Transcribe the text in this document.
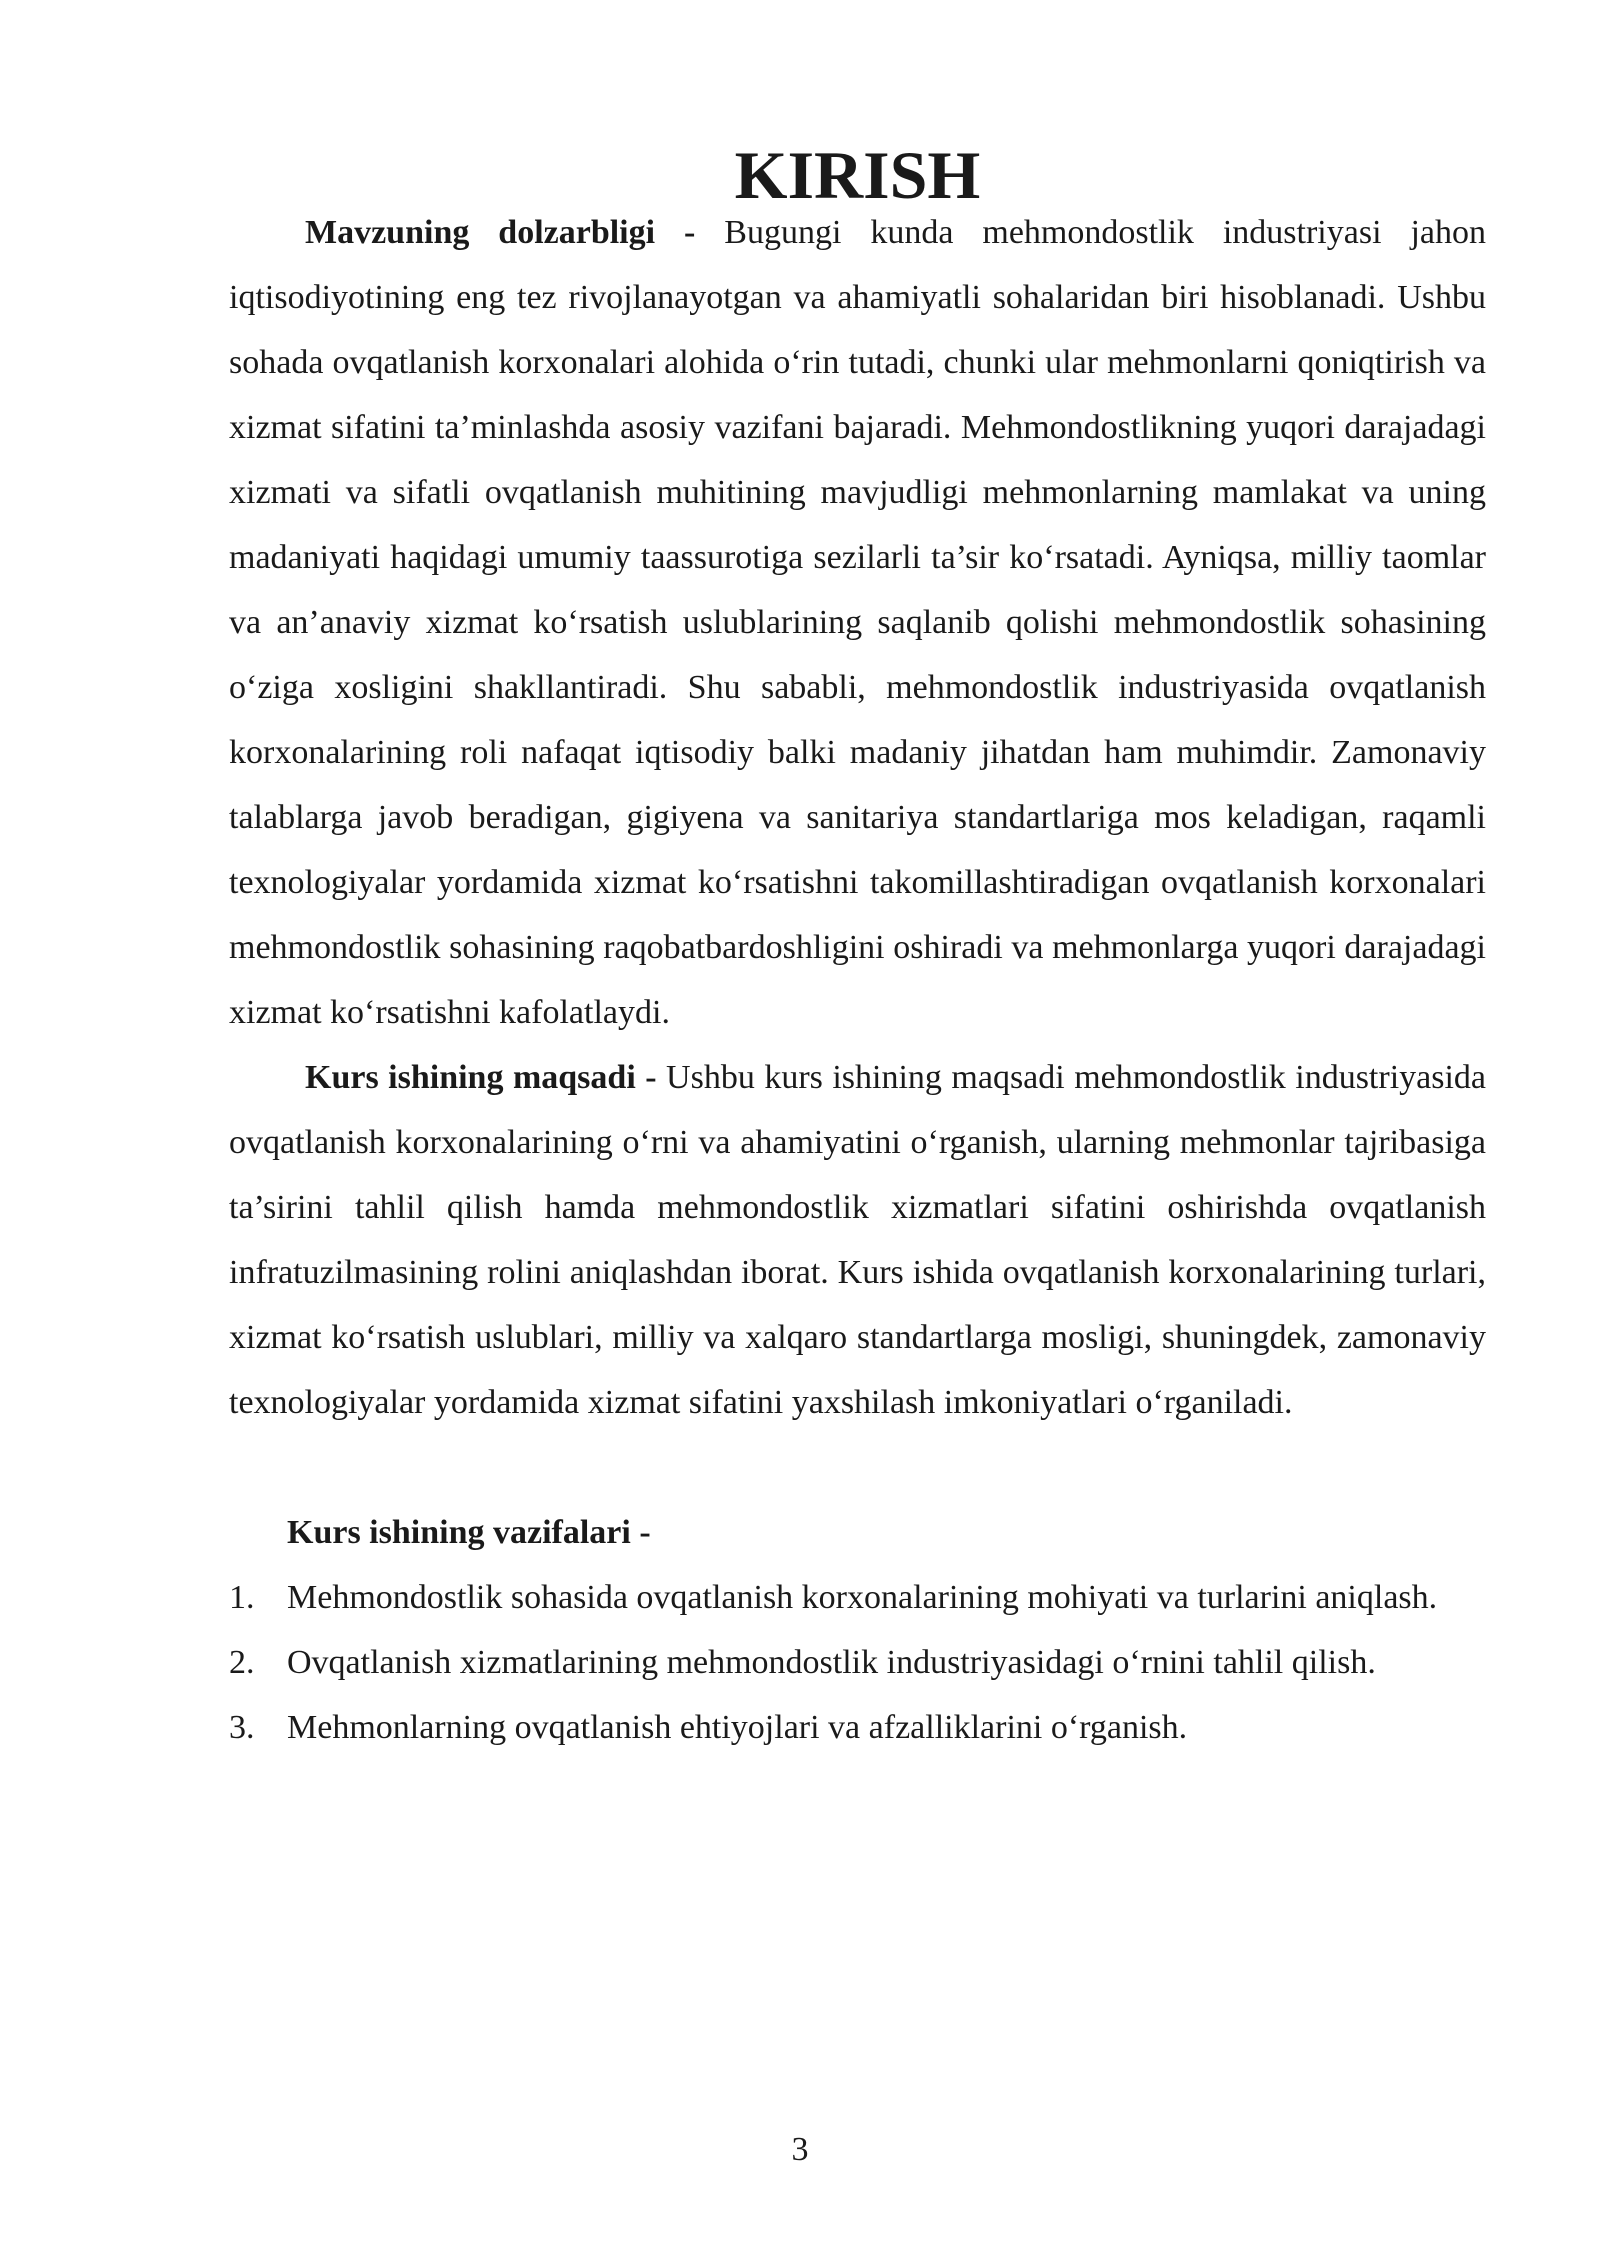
KIRISH

Mavzuning dolzarbligi - Bugungi kunda mehmondostlik industriyasi jahon iqtisodiyotining eng tez rivojlanayotgan va ahamiyatli sohalaridan biri hisoblanadi. Ushbu sohada ovqatlanish korxonalari alohida o‘rin tutadi, chunki ular mehmonlarni qoniqtirish va xizmat sifatini ta’minlashda asosiy vazifani bajaradi. Mehmondostlikning yuqori darajadagi xizmati va sifatli ovqatlanish muhitining mavjudligi mehmonlarning mamlakat va uning madaniyati haqidagi umumiy taassurotiga sezilarli ta’sir ko‘rsatadi. Ayniqsa, milliy taomlar va an’anaviy xizmat ko‘rsatish uslublarining saqlanib qolishi mehmondostlik sohasining o‘ziga xosligini shakllantiradi. Shu sababli, mehmondostlik industriyasida ovqatlanish korxonalarining roli nafaqat iqtisodiy balki madaniy jihatdan ham muhimdir. Zamonaviy talablarga javob beradigan, gigiyena va sanitariya standartlariga mos keladigan, raqamli texnologiyalar yordamida xizmat ko‘rsatishni takomillashtiradigan ovqatlanish korxonalari mehmondostlik sohasining raqobatbardoshligini oshiradi va mehmonlarga yuqori darajadagi xizmat ko‘rsatishni kafolatlaydi.

Kurs ishining maqsadi - Ushbu kurs ishining maqsadi mehmondostlik industriyasida ovqatlanish korxonalarining o‘rni va ahamiyatini o‘rganish, ularning mehmonlar tajribasiga ta’sirini tahlil qilish hamda mehmondostlik xizmatlari sifatini oshirishda ovqatlanish infratuzilmasining rolini aniqlashdan iborat. Kurs ishida ovqatlanish korxonalarining turlari, xizmat ko‘rsatish uslublari, milliy va xalqaro standartlarga mosligi, shuningdek, zamonaviy texnologiyalar yordamida xizmat sifatini yaxshilash imkoniyatlari o‘rganiladi.

Kurs ishining vazifalari -

1. Mehmondostlik sohasida ovqatlanish korxonalarining mohiyati va turlarini aniqlash.
2. Ovqatlanish xizmatlarining mehmondostlik industriyasidagi o‘rnini tahlil qilish.
3. Mehmonlarning ovqatlanish ehtiyojlari va afzalliklarini o‘rganish.
3
